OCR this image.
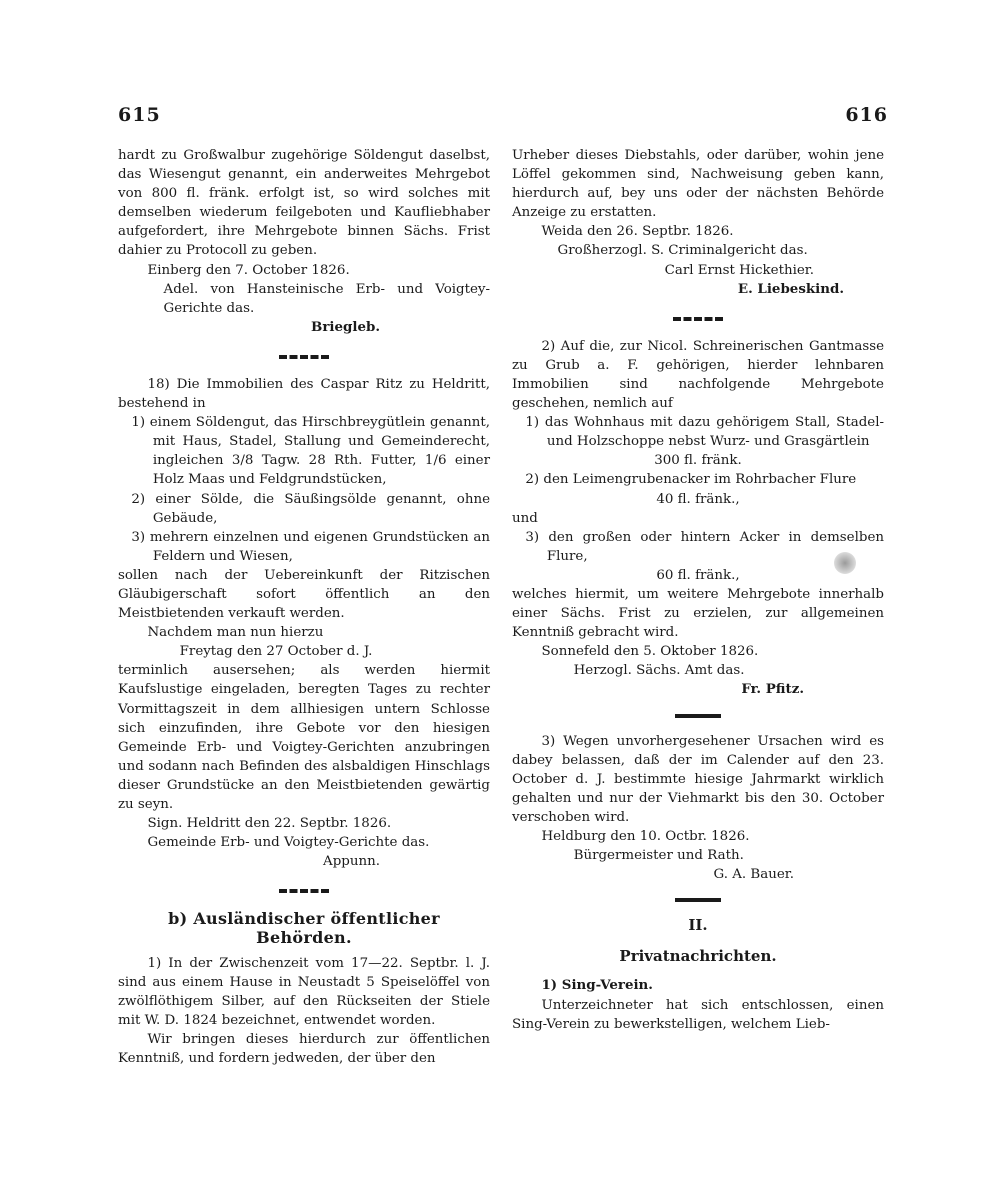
615	616

hardt zu Großwalbur zugehörige Söldengut daselbst, das Wiesengut genannt, ein anderweites Mehrgebot von 800 fl. fränk. erfolgt ist, so wird solches mit demselben wiederum feilgeboten und Kaufliebhaber aufgefordert, ihre Mehrgebote binnen Sächs. Frist dahier zu Protocoll zu geben.

Einberg den 7. October 1826.

Adel. von Hansteinische Erb- und Voigtey-Gerichte das.

Briegleb.

18) Die Immobilien des Caspar Ritz zu Heldritt, bestehend in

1) einem Söldengut, das Hirschbreygütlein genannt, mit Haus, Stadel, Stallung und Gemeinderecht, ingleichen 3/8 Tagw. 28 Rth. Futter, 1/6 einer Holz Maas und Feldgrundstücken,

2) einer Sölde, die Säußingsölde genannt, ohne Gebäude,

3) mehrern einzelnen und eigenen Grundstücken an Feldern und Wiesen,

sollen nach der Uebereinkunft der Ritzischen Gläubigerschaft sofort öffentlich an den Meistbietenden verkauft werden.

Nachdem man nun hierzu

Freytag den 27 October d. J.

terminlich ausersehen; als werden hiermit Kaufslustige eingeladen, beregten Tages zu rechter Vormittagszeit in dem allhiesigen untern Schlosse sich einzufinden, ihre Gebote vor den hiesigen Gemeinde Erb- und Voigtey-Gerichten anzubringen und sodann nach Befinden des alsbaldigen Hinschlags dieser Grundstücke an den Meistbietenden gewärtig zu seyn.

Sign. Heldritt den 22. Septbr. 1826.

Gemeinde Erb- und Voigtey-Gerichte das.

Appunn.

b) Ausländischer öffentlicher Behörden.

1) In der Zwischenzeit vom 17—22. Septbr. l. J. sind aus einem Hause in Neustadt 5 Speiselöffel von zwölflöthigem Silber, auf den Rückseiten der Stiele mit W. D. 1824 bezeichnet, entwendet worden.

Wir bringen dieses hierdurch zur öffentlichen Kenntniß, und fordern jedweden, der über den

Urheber dieses Diebstahls, oder darüber, wohin jene Löffel gekommen sind, Nachweisung geben kann, hierdurch auf, bey uns oder der nächsten Behörde Anzeige zu erstatten.

Weida den 26. Septbr. 1826.

Großherzogl. S. Criminalgericht das.

Carl Ernst Hickethier.

E. Liebeskind.

2) Auf die, zur Nicol. Schreinerischen Gantmasse zu Grub a. F. gehörigen, hierder lehnbaren Immobilien sind nachfolgende Mehrgebote geschehen, nemlich auf

1) das Wohnhaus mit dazu gehörigem Stall, Stadel- und Holzschoppe nebst Wurz- und Grasgärtlein

300 fl. fränk.

2) den Leimengrubenacker im Rohrbacher Flure

40 fl. fränk.,

und

3) den großen oder hintern Acker in demselben Flure,

60 fl. fränk.,

welches hiermit, um weitere Mehrgebote innerhalb einer Sächs. Frist zu erzielen, zur allgemeinen Kenntniß gebracht wird.

Sonnefeld den 5. Oktober 1826.

Herzogl. Sächs. Amt das.

Fr. Pfitz.

3) Wegen unvorhergesehener Ursachen wird es dabey belassen, daß der im Calender auf den 23. October d. J. bestimmte hiesige Jahrmarkt wirklich gehalten und nur der Viehmarkt bis den 30. October verschoben wird.

Heldburg den 10. Octbr. 1826.

Bürgermeister und Rath.

G. A. Bauer.

II.
Privatnachrichten.

1) Sing-Verein.

Unterzeichneter hat sich entschlossen, einen Sing-Verein zu bewerkstelligen, welchem Lieb-
